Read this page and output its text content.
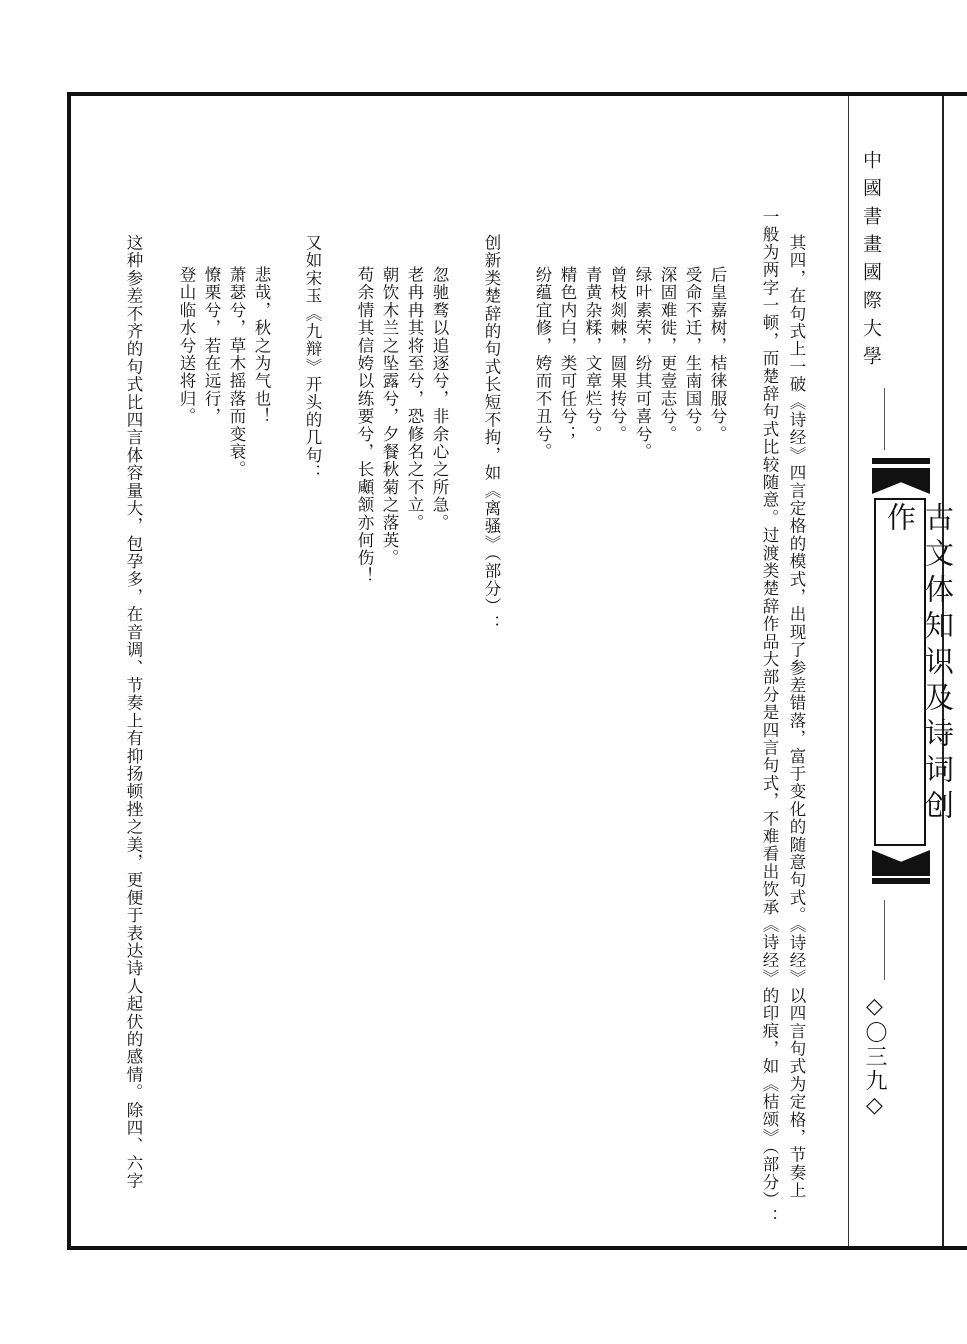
中國書畫國際大學
古文体知识及诗词创作
◇〇三九◇
其四，在句式上一破《诗经》四言定格的模式，出现了参差错落，富于变化的随意句式。《诗经》以四言句式为定格，节奏上
一般为两字一顿，而楚辞句式比较随意。过渡类楚辞作品大部分是四言句式，不难看出饮承《诗经》的印痕，如《桔颂》（部分）：
后皇嘉树，桔徕服兮。
受命不迁，生南国兮。
深固难徙，更壹志兮。
绿叶素荣，纷其可喜兮。
曾枝剡棘，圆果抟兮。
青黄杂糅，文章烂兮。
精色内白，类可任兮；
纷蕴宜修，姱而不丑兮。
创新类楚辞的句式长短不拘，如《离骚》（部分）：
忽驰骛以追逐兮，非余心之所急。
老冉冉其将至兮，恐修名之不立。
朝饮木兰之坠露兮，夕餐秋菊之落英。
苟余情其信姱以练要兮，长顑颔亦何伤！
又如宋玉《九辩》开头的几句：
悲哉，秋之为气也！
萧瑟兮，草木摇落而变衰。
憭栗兮，若在远行，
登山临水兮送将归。
这种参差不齐的句式比四言体容量大，包孕多，在音调、节奏上有抑扬顿挫之美，更便于表达诗人起伏的感情。除四、六字
